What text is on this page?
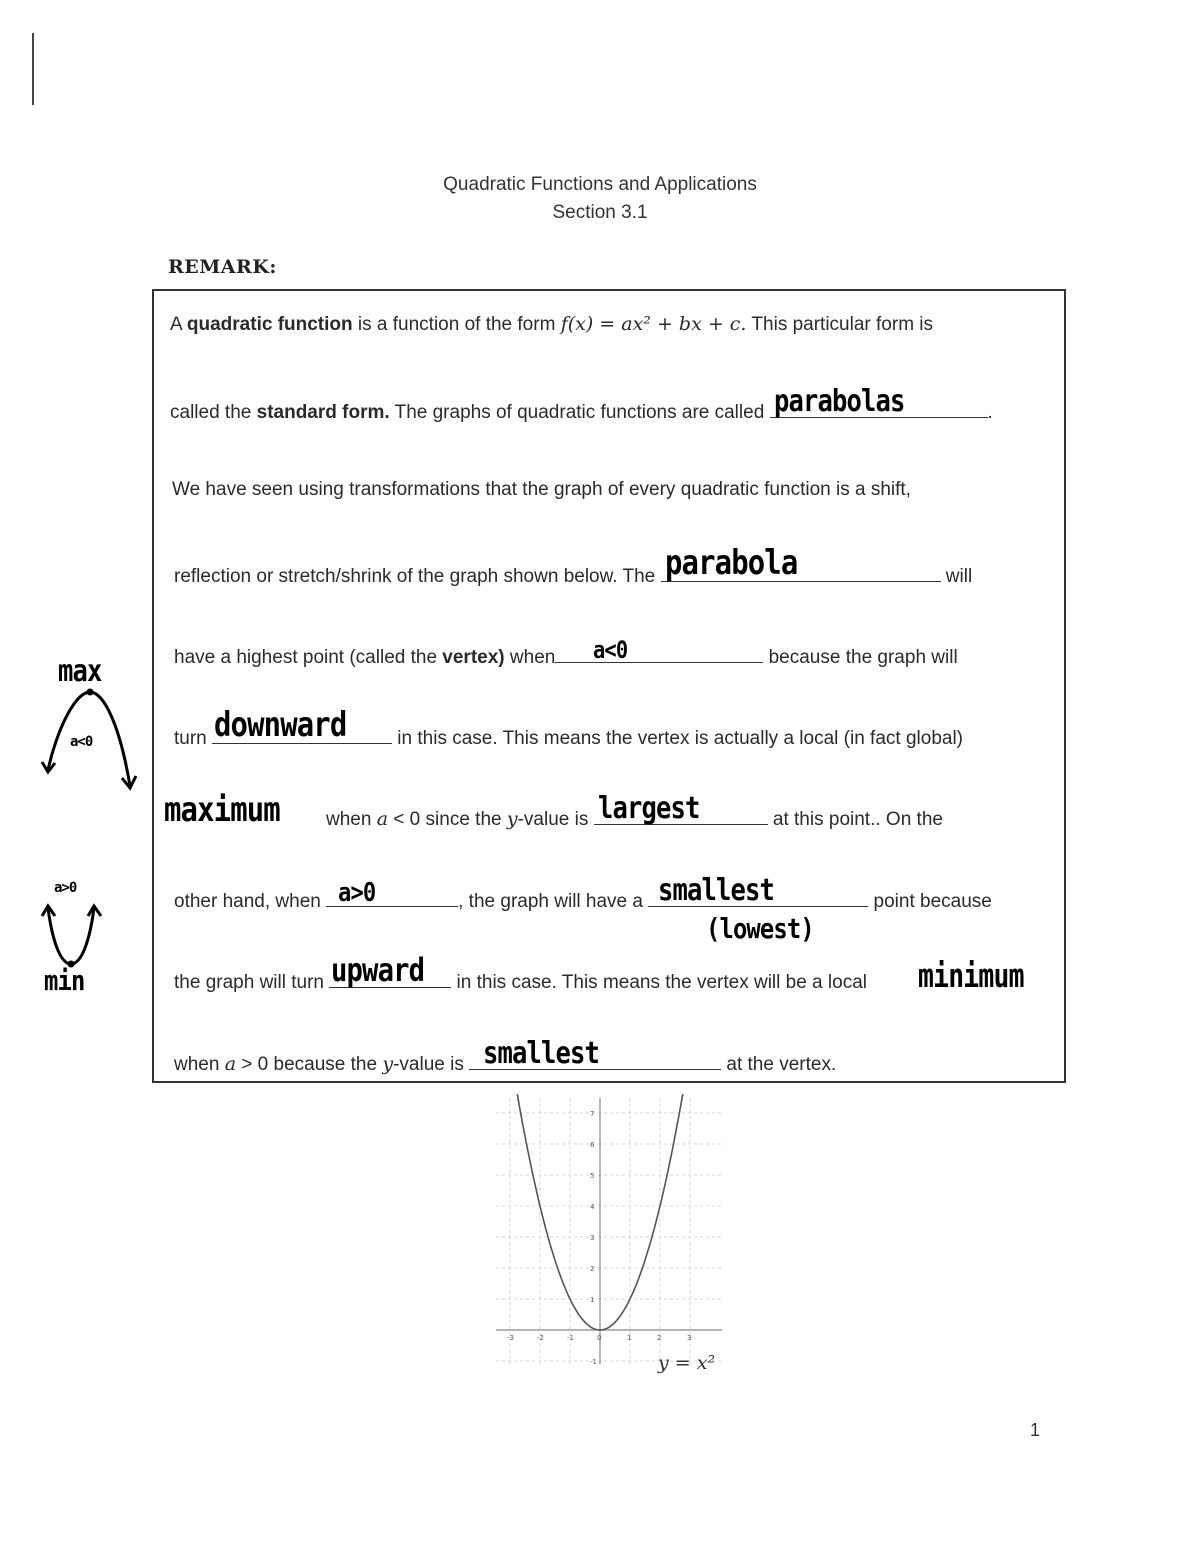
Quadratic Functions and Applications
Section 3.1
REMARK:
A quadratic function is a function of the form f(x) = ax² + bx + c. This particular form is
called the standard form. The graphs of quadratic functions are called parabolas	.
We have seen using transformations that the graph of every quadratic function is a shift,
reflection or stretch/shrink of the graph shown below. The parabola	will
have a highest point (called the vertex) when a<0	because the graph will
turn downward in this case. This means the vertex is actually a local (in fact global)
maximum when a < 0 since the y-value is largest	at this point.. On the
other hand, when a>0	, the graph will have a smallest	point because
(lowest)
the graph will turn upward in this case. This means the vertex will be a local minimum
when a > 0 because the y-value is smallest	at the vertex.
max
a<0
a>0
min
-3	-2	-1	0	1	2	3
-1
1
2
3
4
5
6
7
y = x²
1
